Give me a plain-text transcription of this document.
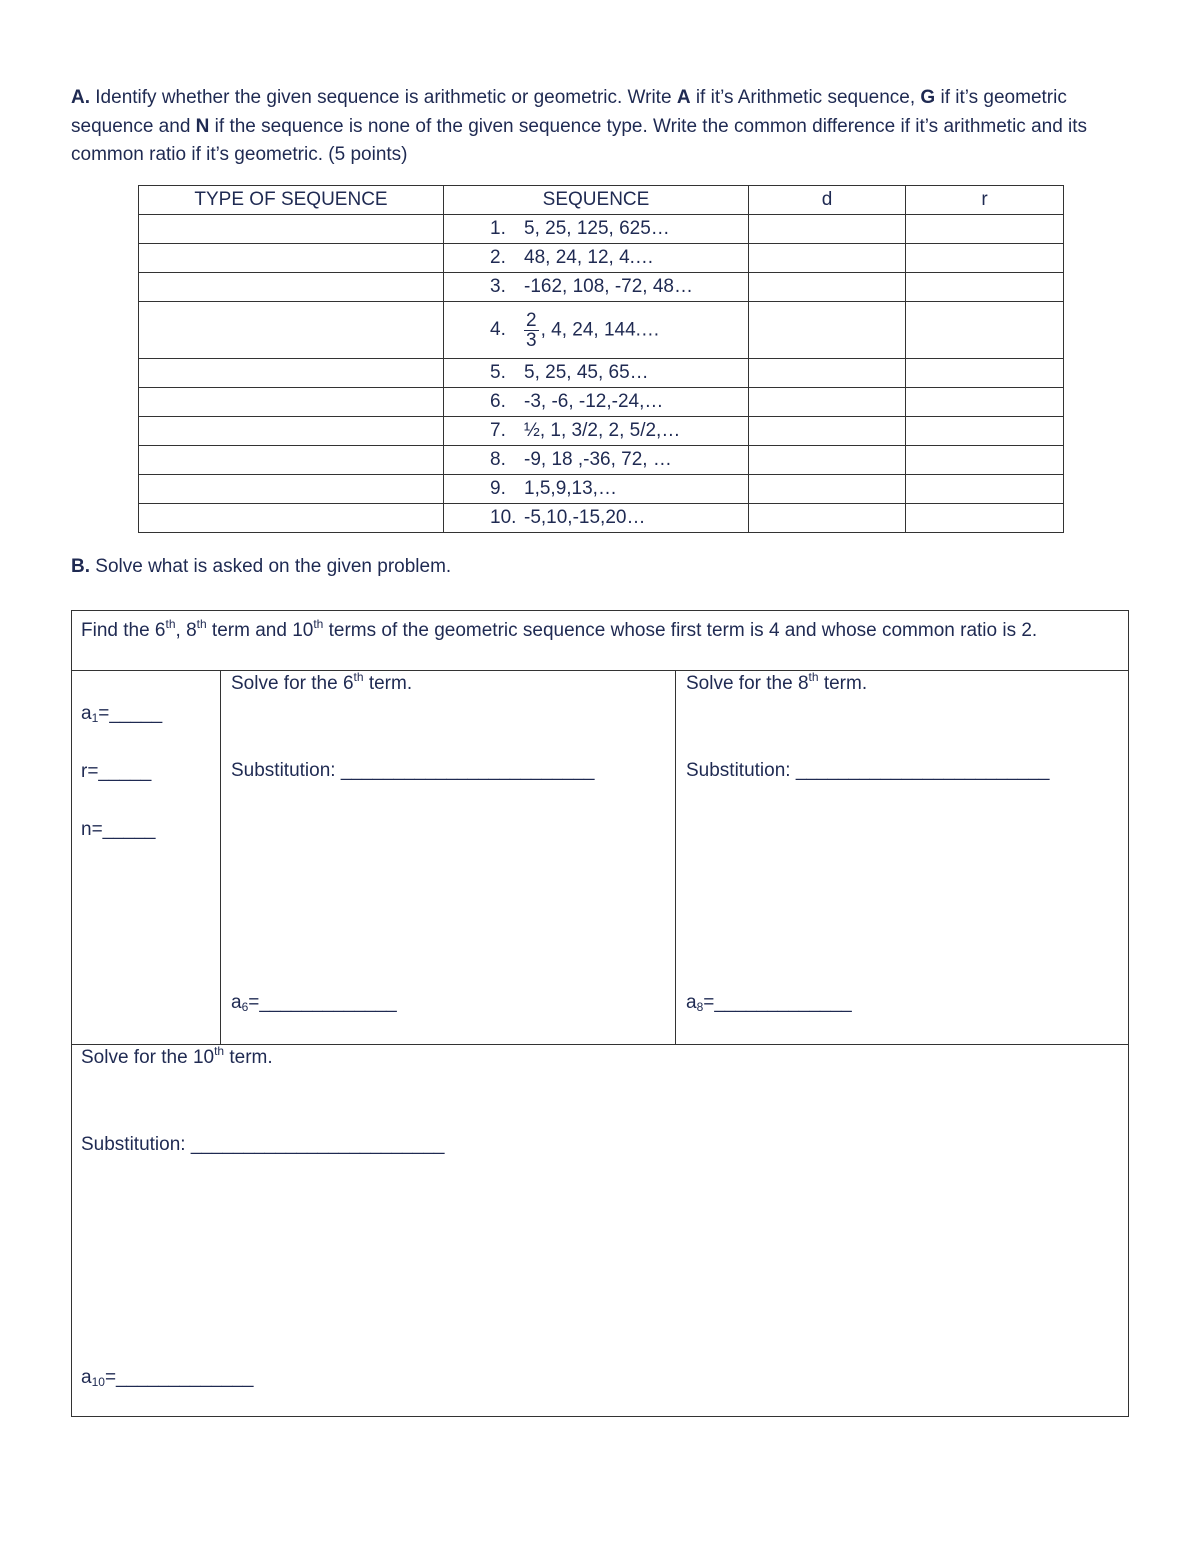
A. Identify whether the given sequence is arithmetic or geometric. Write A if it’s Arithmetic sequence, G if it’s geometric sequence and N if the sequence is none of the given sequence type. Write the common difference if it’s arithmetic and its common ratio if it’s geometric. (5 points)
TYPE OF SEQUENCE	SEQUENCE	d	r
	1. 5, 25, 125, 625…		
	2. 48, 24, 12, 4.…		
	3. -162, 108, -72, 48…		
	4. $\frac{2}{3}$ , 4, 24, 144.…		
	5. 5, 25, 45, 65…		
	6. -3, -6, -12,-24,…		
	7. ½, 1, 3/2, 2, 5/2,…		
	8. -9, 18 ,-36, 72, …		
	9. 1,5,9,13,…		
	10. -5,10,-15,20…		
B. Solve what is asked on the given problem.
Find the 6th, 8th term and 10th terms of the geometric sequence whose first term is 4 and whose common ratio is 2.
$a_1=\_\_\_\_\_$
r=_____
n=_____
Solve for the 6th term.
Substitution: ________________________
$a_6=\_\_\_\_\_\_\_\_\_\_\_\_\_$
Solve for the 8th term.
Substitution: ________________________
$a_8=\_\_\_\_\_\_\_\_\_\_\_\_\_$
Solve for the 10th term.
Substitution: ________________________
$a_{10}=\_\_\_\_\_\_\_\_\_\_\_\_\_$
